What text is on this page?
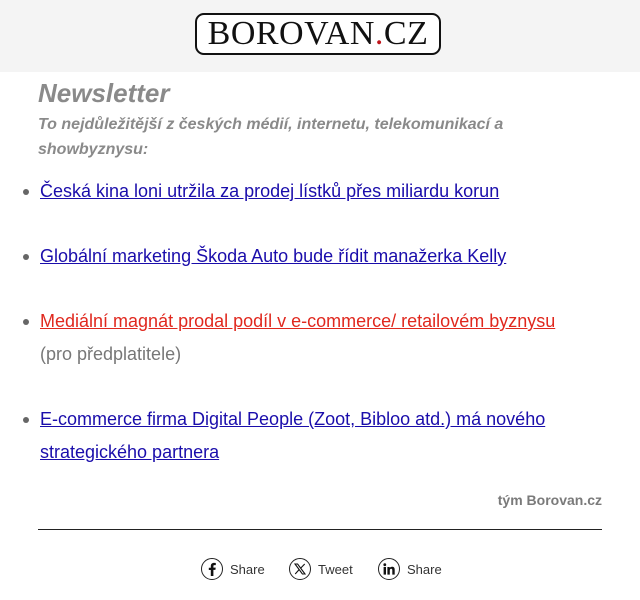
BOROVAN . CZ
Newsletter

To nejdůležitější z českých médií, internetu, telekomunikací a showbyznysu:

Česká kina loni utržila za prodej lístků přes miliardu korun
Globální marketing Škoda Auto bude řídit manažerka Kelly
Mediální magnát prodal podíl v e-commerce/ retailovém byznysu
(pro předplatitele)
E-commerce firma Digital People (Zoot, Bibloo atd.) má nového strategického partnera
tým Borovan.cz
Share	Tweet	Share
